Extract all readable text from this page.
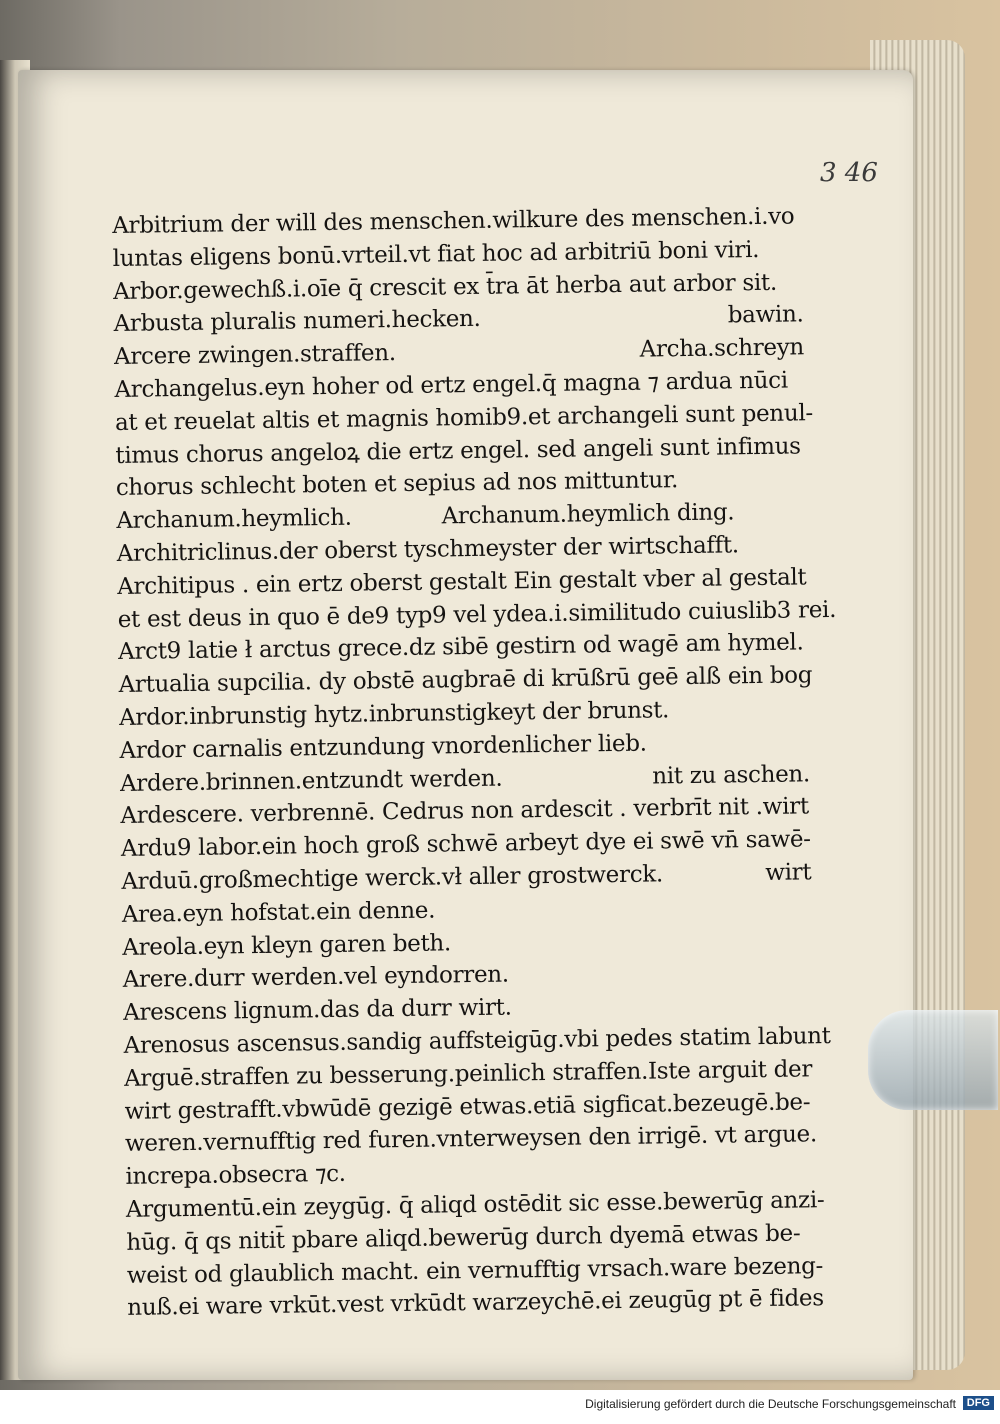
3 46
Arbitrium der will des menschen.wilkure des menschen.i.vo
luntas eligens bonū.vrteil.vt fiat hoc ad arbitriū boni viri.
Arbor.gewechß.i.oīe q̄ crescit ex t̄ra āt herba aut arbor sit.
Arbusta pluralis numeri.hecken.	bawin.
Arcere zwingen.straffen.	Archa.schreyn
Archangelus.eyn hoher od ertz engel.q̄ magna ⁊ ardua nūci
at et reuelat altis et magnis homib9.et archangeli sunt penul-
timus chorus angeloꝝ die ertz engel. sed angeli sunt infimus
chorus schlecht boten et sepius ad nos mittuntur.
Archanum.heymlich.	Archanum.heymlich ding.
Architriclinus.der oberst tyschmeyster der wirtschafft.
Architipus . ein ertz oberst gestalt Ein gestalt vber al gestalt
et est deus in quo ē de9 typ9 vel ydea.i.similitudo cuiuslib3 rei.
Arct9 latie ł arctus grece.dz sibē gestirn od wagē am hymel.
Artualia supcilia. dy obstē augbraē di krūßrū geē alß ein bog
Ardor.inbrunstig hytz.inbrunstigkeyt der brunst.
Ardor carnalis entzundung vnordenlicher lieb.
Ardere.brinnen.entzundt werden.	nit zu aschen.
Ardescere. verbrennē. Cedrus non ardescit . verbrīt nit .wirt
Ardu9 labor.ein hoch groß schwē arbeyt dye ei swē vn̄ sawē-
Arduū.großmechtige werck.vł aller grostwerck.	wirt
Area.eyn hofstat.ein denne.
Areola.eyn kleyn garen beth.
Arere.durr werden.vel eyndorren.
Arescens lignum.das da durr wirt.
Arenosus ascensus.sandig auffsteigūg.vbi pedes statim labunt
Arguē.straffen zu besserung.peinlich straffen.Iste arguit der
wirt gestrafft.vbwūdē gezigē etwas.etiā sigficat.bezeugē.be-
weren.vernufftig red furen.vnterweysen den irrigē. vt argue.
increpa.obsecra ⁊c.
Argumentū.ein zeygūg. q̄ aliqd ostēdit sic esse.bewerūg anzi-
hūg. q̄ qs nitit̄ pbare aliqd.bewerūg durch dyemā etwas be-
weist od glaublich macht. ein vernufftig vrsach.ware bezeng-
nuß.ei ware vrkūt.vest vrkūdt warzeychē.ei zeugūg pt ē fides
Digitalisierung gefördert durch die Deutsche Forschungsgemeinschaft DFG
